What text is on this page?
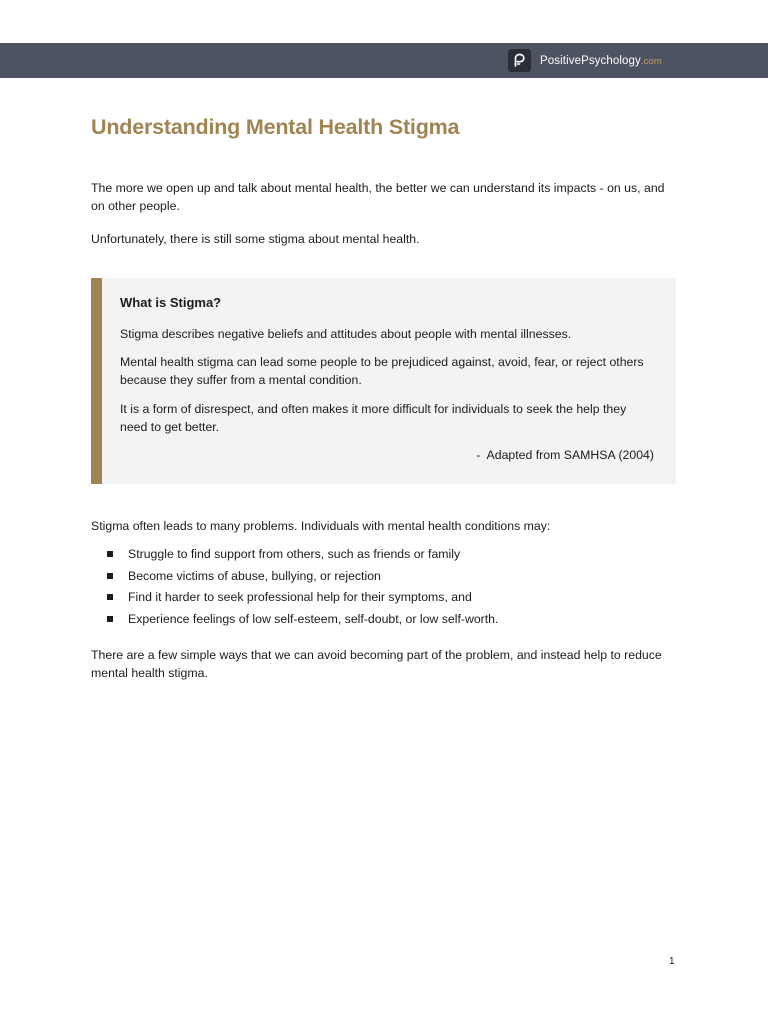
PositivePsychology.com
Understanding Mental Health Stigma

The more we open up and talk about mental health, the better we can understand its impacts - on us, and on other people.

Unfortunately, there is still some stigma about mental health.

What is Stigma?

Stigma describes negative beliefs and attitudes about people with mental illnesses.

Mental health stigma can lead some people to be prejudiced against, avoid, fear, or reject others because they suffer from a mental condition.

It is a form of disrespect, and often makes it more difficult for individuals to seek the help they need to get better.

-  Adapted from SAMHSA (2004)

Stigma often leads to many problems. Individuals with mental health conditions may:

Struggle to find support from others, such as friends or family
Become victims of abuse, bullying, or rejection
Find it harder to seek professional help for their symptoms, and
Experience feelings of low self-esteem, self-doubt, or low self-worth.

There are a few simple ways that we can avoid becoming part of the problem, and instead help to reduce mental health stigma.

1
